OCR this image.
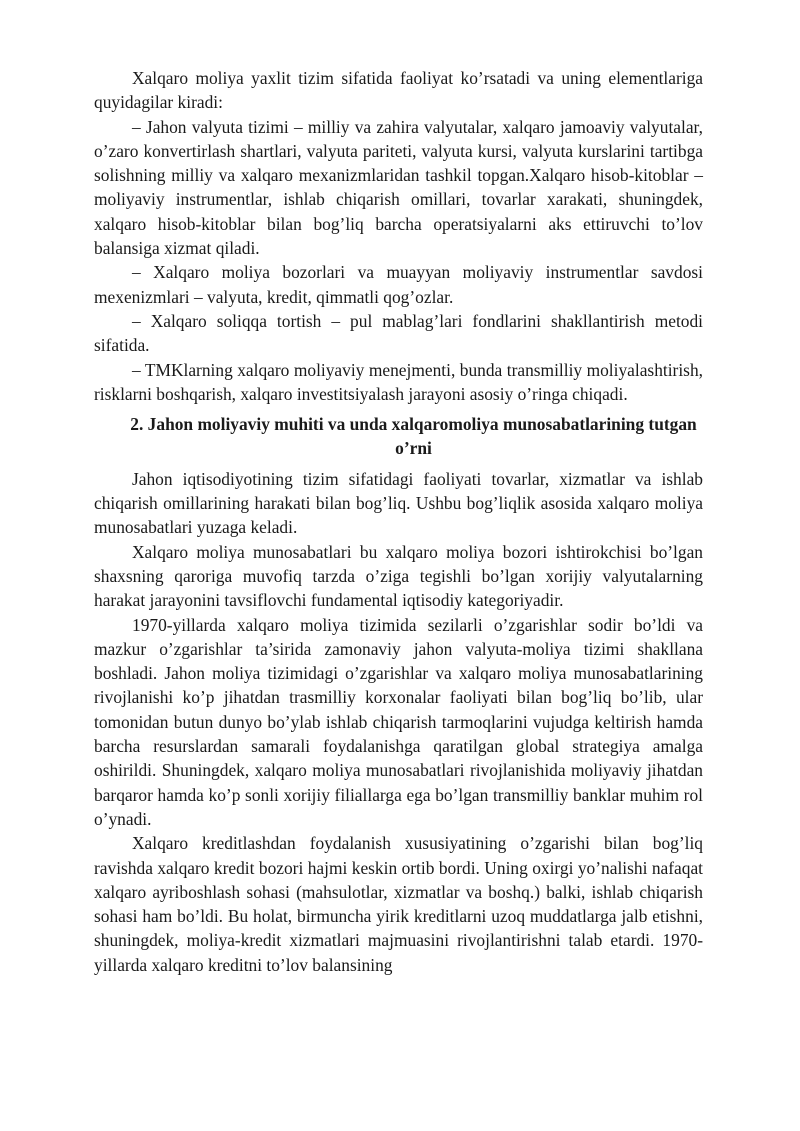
Xalqaro moliya yaxlit tizim sifatida faoliyat ko’rsatadi va uning elementlariga quyidagilar kiradi:

– Jahon valyuta tizimi – milliy va zahira valyutalar, xalqaro jamoaviy valyutalar, o’zaro konvertirlash shartlari, valyuta pariteti, valyuta kursi, valyuta kurslarini tartibga solishning milliy va xalqaro mexanizmlaridan tashkil topgan.Xalqaro hisob-kitoblar – moliyaviy instrumentlar, ishlab chiqarish omillari, tovarlar xarakati, shuningdek, xalqaro hisob-kitoblar bilan bog’liq barcha operatsiyalarni aks ettiruvchi to’lov balansiga xizmat qiladi.

– Xalqaro moliya bozorlari va muayyan moliyaviy instrumentlar savdosi mexenizmlari – valyuta, kredit, qimmatli qog’ozlar.

– Xalqaro soliqqa tortish – pul mablag’lari fondlarini shakllantirish metodi sifatida.

– TMKlarning xalqaro moliyaviy menejmenti, bunda transmilliy moliyalashtirish, risklarni boshqarish, xalqaro investitsiyalash jarayoni asosiy o’ringa chiqadi.

2. Jahon moliyaviy muhiti va unda xalqaromoliya munosabatlarining tutgan o’rni

Jahon iqtisodiyotining tizim sifatidagi faoliyati tovarlar, xizmatlar va ishlab chiqarish omillarining harakati bilan bog’liq. Ushbu bog’liqlik asosida xalqaro moliya munosabatlari yuzaga keladi.

Xalqaro moliya munosabatlari bu xalqaro moliya bozori ishtirokchisi bo’lgan shaxsning qaroriga muvofiq tarzda o’ziga tegishli bo’lgan xorijiy valyutalarning harakat jarayonini tavsiflovchi fundamental iqtisodiy kategoriyadir.

1970-yillarda xalqaro moliya tizimida sezilarli o’zgarishlar sodir bo’ldi va mazkur o’zgarishlar ta’sirida zamonaviy jahon valyuta-moliya tizimi shakllana boshladi. Jahon moliya tizimidagi o’zgarishlar va xalqaro moliya munosabatlarining rivojlanishi ko’p jihatdan trasmilliy korxonalar faoliyati bilan bog’liq bo’lib, ular tomonidan butun dunyo bo’ylab ishlab chiqarish tarmoqlarini vujudga keltirish hamda barcha resurslardan samarali foydalanishga qaratilgan global strategiya amalga oshirildi. Shuningdek, xalqaro moliya munosabatlari rivojlanishida moliyaviy jihatdan barqaror hamda ko’p sonli xorijiy filiallarga ega bo’lgan transmilliy banklar muhim rol o’ynadi.

Xalqaro kreditlashdan foydalanish xususiyatining o’zgarishi bilan bog’liq ravishda xalqaro kredit bozori hajmi keskin ortib bordi. Uning oxirgi yo’nalishi nafaqat xalqaro ayriboshlash sohasi (mahsulotlar, xizmatlar va boshq.) balki, ishlab chiqarish sohasi ham bo’ldi. Bu holat, birmuncha yirik kreditlarni uzoq muddatlarga jalb etishni, shuningdek, moliya-kredit xizmatlari majmuasini rivojlantirishni talab etardi. 1970-yillarda xalqaro kreditni to’lov balansining
